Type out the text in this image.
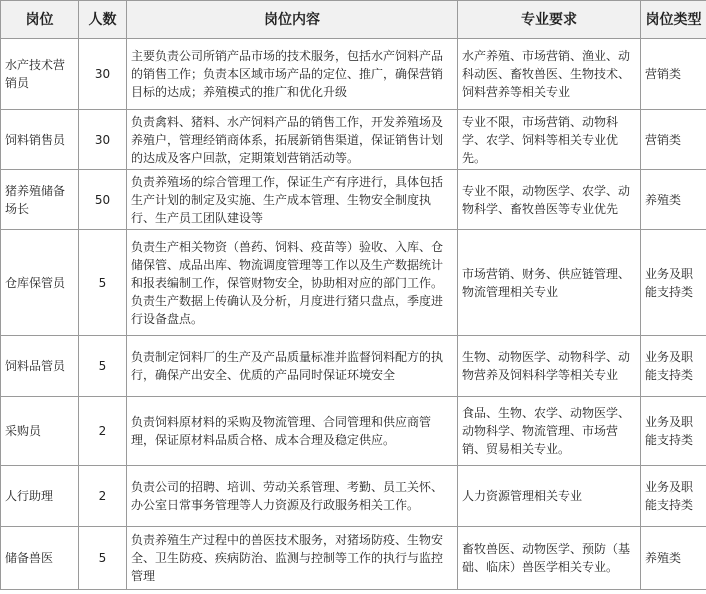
岗位	人数	岗位内容	专业要求	岗位类型
水产技术营销员	30	主要负责公司所销产品市场的技术服务，包括水产饲料产品的销售工作；负责本区域市场产品的定位、推广，确保营销目标的达成；养殖模式的推广和优化升级	水产养殖、市场营销、渔业、动科动医、畜牧兽医、生物技术、饲料营养等相关专业	营销类
饲料销售员	30	负责禽料、猪料、水产饲料产品的销售工作，开发养殖场及养殖户，管理经销商体系，拓展新销售渠道，保证销售计划的达成及客户回款，定期策划营销活动等。	专业不限，市场营销、动物科学、农学、饲料等相关专业优先。	营销类
猪养殖储备场长	50	负责养殖场的综合管理工作，保证生产有序进行，具体包括生产计划的制定及实施、生产成本管理、生物安全制度执行、生产员工团队建设等	专业不限，动物医学、农学、动物科学、畜牧兽医等专业优先	养殖类
仓库保管员	5	负责生产相关物资（兽药、饲料、疫苗等）验收、入库、仓储保管、成品出库、物流调度管理等工作以及生产数据统计和报表编制工作，保管财物安全，协助相对应的部门工作。负责生产数据上传确认及分析，月度进行猪只盘点，季度进行设备盘点。	市场营销、财务、供应链管理、物流管理相关专业	业务及职能支持类
饲料品管员	5	负责制定饲料厂的生产及产品质量标准并监督饲料配方的执行，确保产出安全、优质的产品同时保证环境安全	生物、动物医学、动物科学、动物营养及饲料科学等相关专业	业务及职能支持类
采购员	2	负责饲料原材料的采购及物流管理、合同管理和供应商管理，保证原材料品质合格、成本合理及稳定供应。	食品、生物、农学、动物医学、动物科学、物流管理、市场营销、贸易相关专业。	业务及职能支持类
人行助理	2	负责公司的招聘、培训、劳动关系管理、考勤、员工关怀、办公室日常事务管理等人力资源及行政服务相关工作。	人力资源管理相关专业	业务及职能支持类
储备兽医	5	负责养殖生产过程中的兽医技术服务，对猪场防疫、生物安全、卫生防疫、疾病防治、监测与控制等工作的执行与监控管理	畜牧兽医、动物医学、预防（基础、临床）兽医学相关专业。	养殖类
